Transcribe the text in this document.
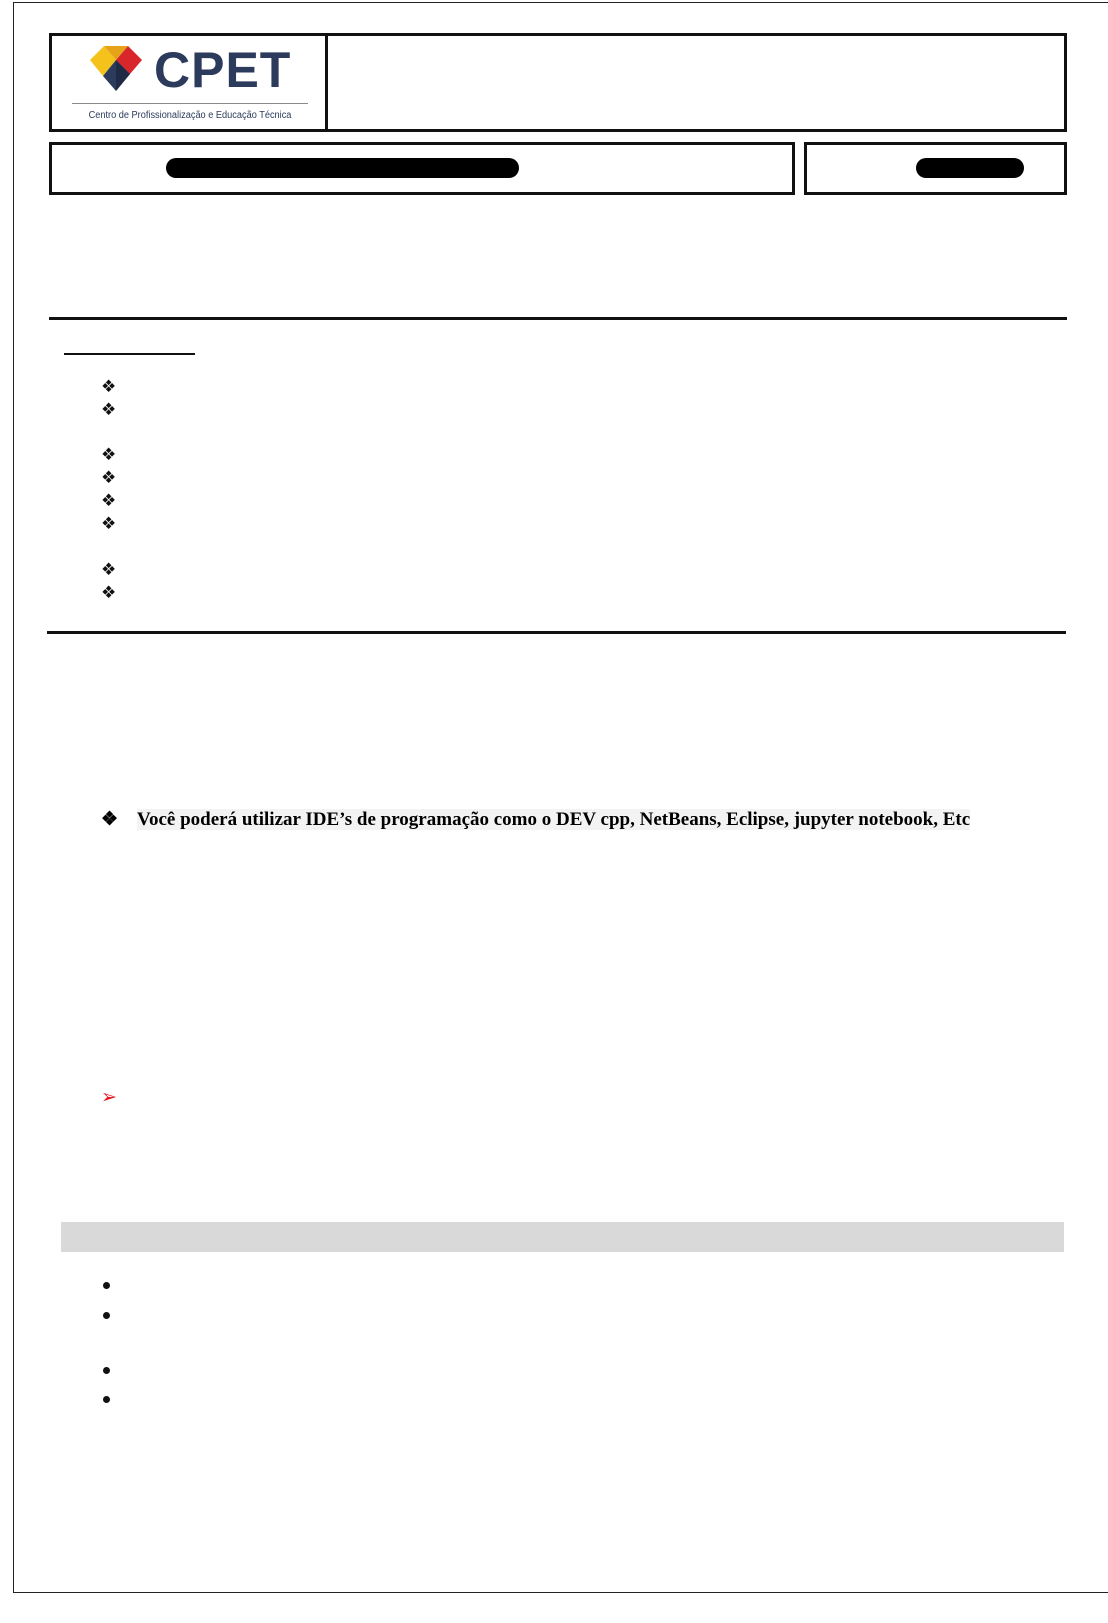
CPET
Centro de Profissionalização e Educação Técnica
❖
❖
❖
❖
❖
❖
❖
❖
❖ Você poderá utilizar IDE’s de programação como o DEV cpp, NetBeans, Eclipse, jupyter notebook, Etc
➢
